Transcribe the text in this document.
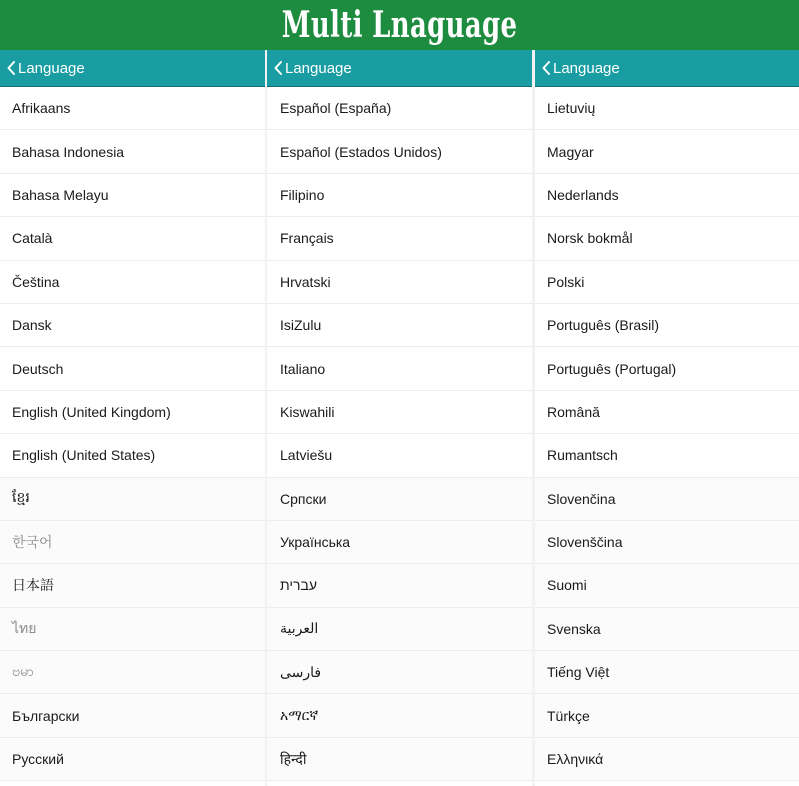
Multi Lnaguage
Language
Afrikaans
Bahasa Indonesia
Bahasa Melayu
Català
Čeština
Dansk
Deutsch
English (United Kingdom)
English (United States)
ខ្មែរ
한국어
日本語
ไทย
ဗမာ
Български
Русский
Language
Español (España)
Español (Estados Unidos)
Filipino
Français
Hrvatski
IsiZulu
Italiano
Kiswahili
Latviešu
Српски
Українська
עברית
العربية
فارسی
አማርኛ
हिन्दी
Language
Lietuvių
Magyar
Nederlands
Norsk bokmål
Polski
Português (Brasil)
Português (Portugal)
Română
Rumantsch
Slovenčina
Slovenščina
Suomi
Svenska
Tiếng Việt
Türkçe
Ελληνικά
